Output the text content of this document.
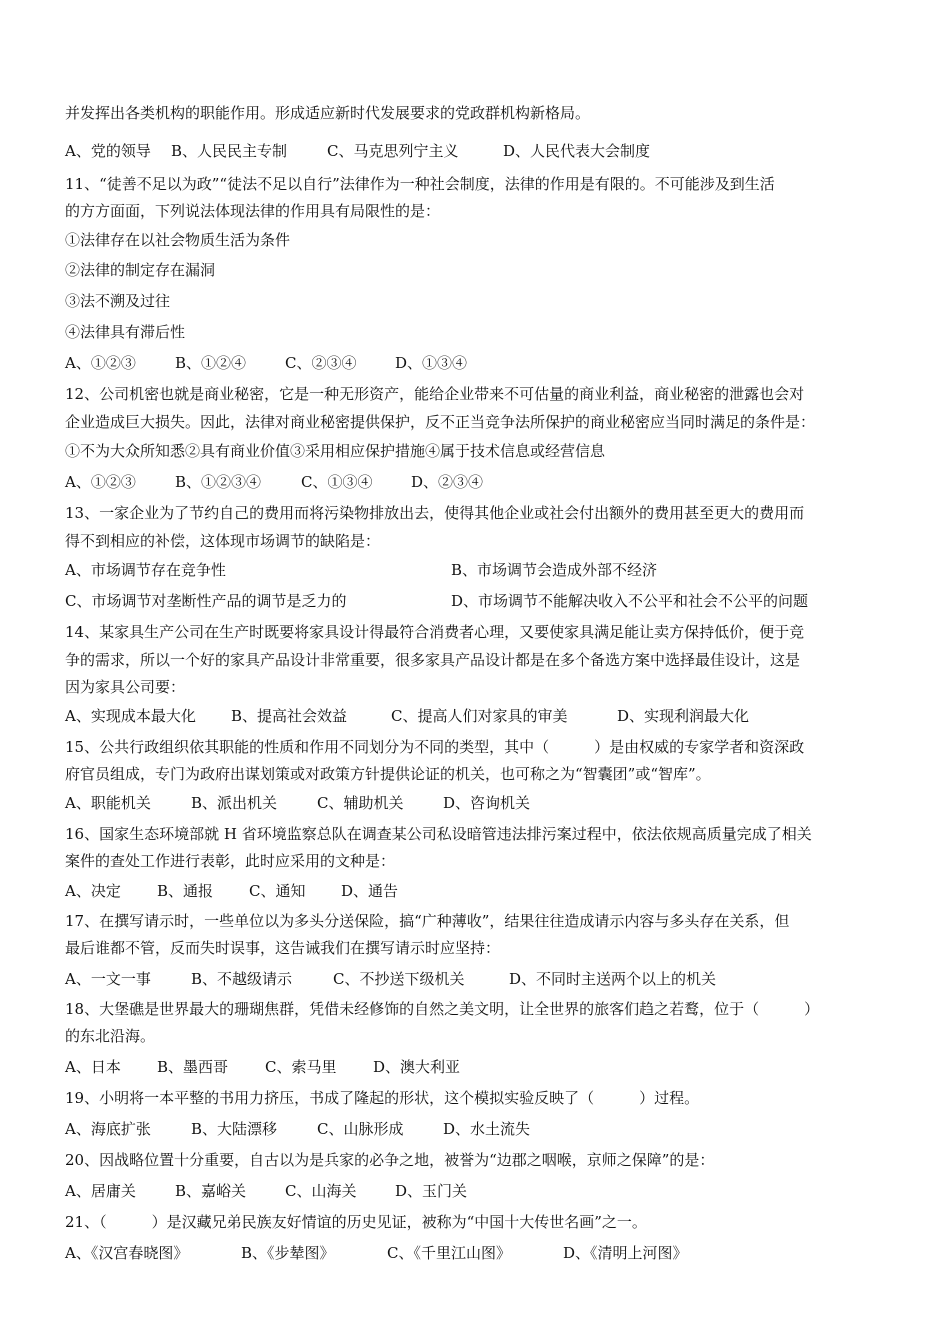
并发挥出各类机构的职能作用。形成适应新时代发展要求的党政群机构新格局。

A、党的领导	B、人民民主专制	C、马克思列宁主义	D、人民代表大会制度

11、“徒善不足以为政”“徒法不足以自行”法律作为一种社会制度，法律的作用是有限的。不可能涉及到生活

的方方面面，下列说法体现法律的作用具有局限性的是：

①法律存在以社会物质生活为条件

②法律的制定存在漏洞

③法不溯及过往

④法律具有滞后性

A、①②③	B、①②④	C、②③④	D、①③④

12、公司机密也就是商业秘密，它是一种无形资产，能给企业带来不可估量的商业利益，商业秘密的泄露也会对

企业造成巨大损失。因此，法律对商业秘密提供保护，反不正当竞争法所保护的商业秘密应当同时满足的条件是：

①不为大众所知悉②具有商业价值③采用相应保护措施④属于技术信息或经营信息

A、①②③	B、①②③④	C、①③④	D、②③④

13、一家企业为了节约自己的费用而将污染物排放出去，使得其他企业或社会付出额外的费用甚至更大的费用而

得不到相应的补偿，这体现市场调节的缺陷是：

A、市场调节存在竞争性	B、市场调节会造成外部不经济
C、市场调节对垄断性产品的调节是乏力的	D、市场调节不能解决收入不公平和社会不公平的问题

14、某家具生产公司在生产时既要将家具设计得最符合消费者心理，又要使家具满足能让卖方保持低价，便于竞

争的需求，所以一个好的家具产品设计非常重要，很多家具产品设计都是在多个备选方案中选择最佳设计，这是

因为家具公司要：

A、实现成本最大化	B、提高社会效益	C、提高人们对家具的审美	D、实现利润最大化

15、公共行政组织依其职能的性质和作用不同划分为不同的类型，其中（　　　）是由权威的专家学者和资深政

府官员组成，专门为政府出谋划策或对政策方针提供论证的机关，也可称之为“智囊团”或“智库”。

A、职能机关	B、派出机关	C、辅助机关	D、咨询机关

16、国家生态环境部就 H 省环境监察总队在调查某公司私设暗管违法排污案过程中，依法依规高质量完成了相关

案件的查处工作进行表彰，此时应采用的文种是：

A、决定	B、通报	C、通知	D、通告

17、在撰写请示时，一些单位以为多头分送保险，搞“广种薄收”，结果往往造成请示内容与多头存在关系，但

最后谁都不管，反而失时误事，这告诫我们在撰写请示时应坚持：

A、一文一事	B、不越级请示	C、不抄送下级机关	D、不同时主送两个以上的机关

18、大堡礁是世界最大的珊瑚焦群，凭借未经修饰的自然之美文明，让全世界的旅客们趋之若鹜，位于（　　　）

的东北沿海。

A、日本	B、墨西哥	C、索马里	D、澳大利亚

19、小明将一本平整的书用力挤压，书成了隆起的形状，这个模拟实验反映了（　　　）过程。

A、海底扩张	B、大陆漂移	C、山脉形成	D、水土流失

20、因战略位置十分重要，自古以为是兵家的必争之地，被誉为“边郡之咽喉，京师之保障”的是：

A、居庸关	B、嘉峪关	C、山海关	D、玉门关

21、（　　　）是汉藏兄弟民族友好情谊的历史见证，被称为“中国十大传世名画”之一。

A、《汉宫春晓图》	B、《步辇图》	C、《千里江山图》	D、《清明上河图》
